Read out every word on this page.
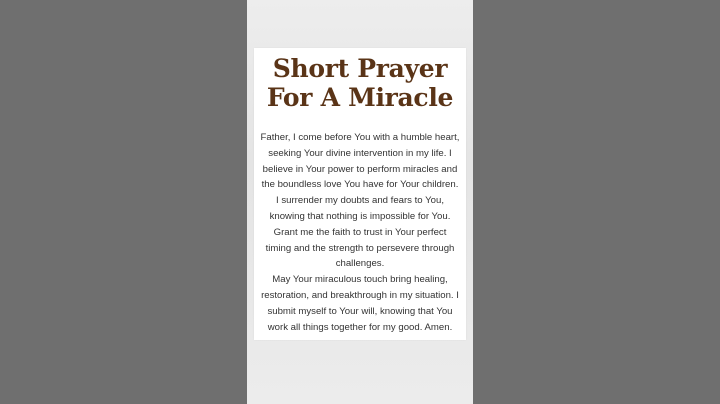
Short Prayer
For A Miracle

Father, I come before You with a humble heart, seeking Your divine intervention in my life. I believe in Your power to perform miracles and the boundless love You have for Your children. I surrender my doubts and fears to You, knowing that nothing is impossible for You. Grant me the faith to trust in Your perfect timing and the strength to persevere through challenges.

May Your miraculous touch bring healing, restoration, and breakthrough in my situation. I submit myself to Your will, knowing that You work all things together for my good. Amen.
